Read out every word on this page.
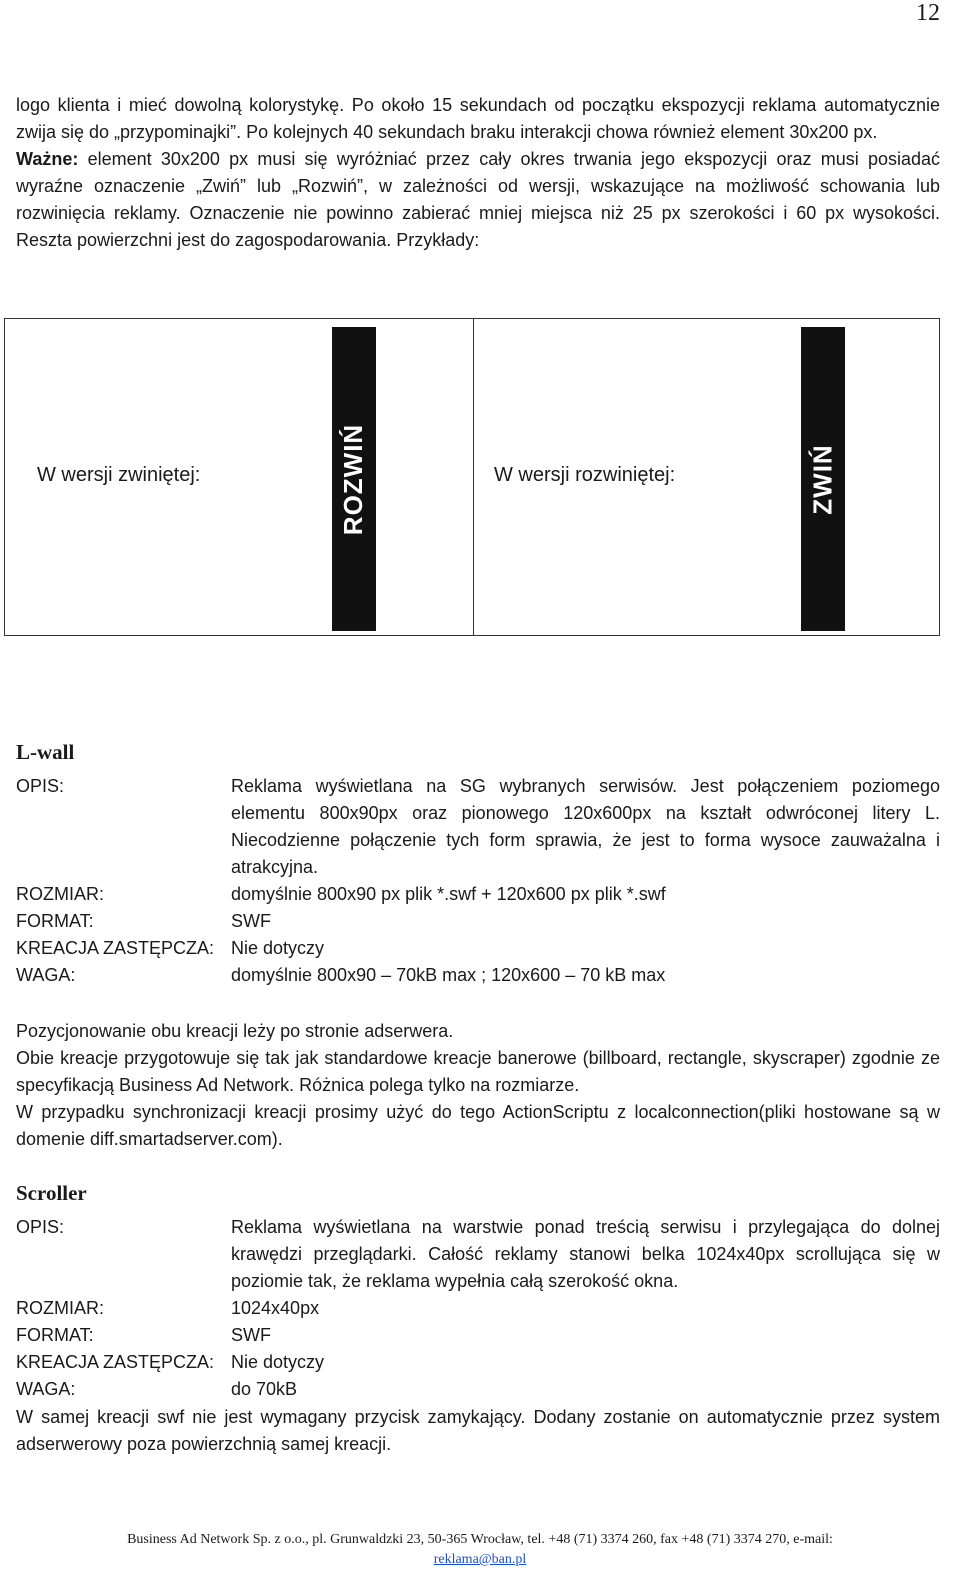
12

logo klienta i mieć dowolną kolorystykę. Po około 15 sekundach od początku ekspozycji reklama automatycznie zwija się do „przypominajki”. Po kolejnych 40 sekundach braku interakcji chowa również element 30x200 px.
Ważne: element 30x200 px musi się wyróżniać przez cały okres trwania jego ekspozycji oraz musi posiadać wyraźne oznaczenie „Zwiń” lub „Rozwiń”, w zależności od wersji, wskazujące na możliwość schowania lub rozwinięcia reklamy. Oznaczenie nie powinno zabierać mniej miejsca niż 25 px szerokości i 60 px wysokości. Reszta powierzchni jest do zagospodarowania. Przykłady:

W wersji zwiniętej:	ROZWIŃ	W wersji rozwiniętej:	ZWIŃ
L-wall
OPIS:	Reklama wyświetlana na SG wybranych serwisów. Jest połączeniem poziomego elementu 800x90px oraz pionowego 120x600px na kształt odwróconej litery L. Niecodzienne połączenie tych form sprawia, że jest to forma wysoce zauważalna i atrakcyjna.
ROZMIAR:	domyślnie 800x90 px plik *.swf + 120x600 px plik *.swf
FORMAT:	SWF
KREACJA ZASTĘPCZA: Nie dotyczy
WAGA:	domyślnie 800x90 – 70kB max ; 120x600 – 70 kB max
Pozycjonowanie obu kreacji leży po stronie adserwera.
Obie kreacje przygotowuje się tak jak standardowe kreacje banerowe (billboard, rectangle, skyscraper) zgodnie ze specyfikacją Business Ad Network. Różnica polega tylko na rozmiarze.
W przypadku synchronizacji kreacji prosimy użyć do tego ActionScriptu z localconnection(pliki hostowane są w domenie diff.smartadserver.com).
Scroller
OPIS:	Reklama wyświetlana na warstwie ponad treścią serwisu i przylegająca do dolnej krawędzi przeglądarki. Całość reklamy stanowi belka 1024x40px scrollująca się w poziomie tak, że reklama wypełnia całą szerokość okna.
ROZMIAR:	1024x40px
FORMAT:	SWF
KREACJA ZASTĘPCZA: Nie dotyczy
WAGA:	do 70kB
W samej kreacji swf nie jest wymagany przycisk zamykający. Dodany zostanie on automatycznie przez system adserwerowy poza powierzchnią samej kreacji.
Business Ad Network Sp. z o.o., pl. Grunwaldzki 23, 50-365 Wrocław, tel. +48 (71) 3374 260, fax +48 (71) 3374 270, e-mail:
reklama@ban.pl
